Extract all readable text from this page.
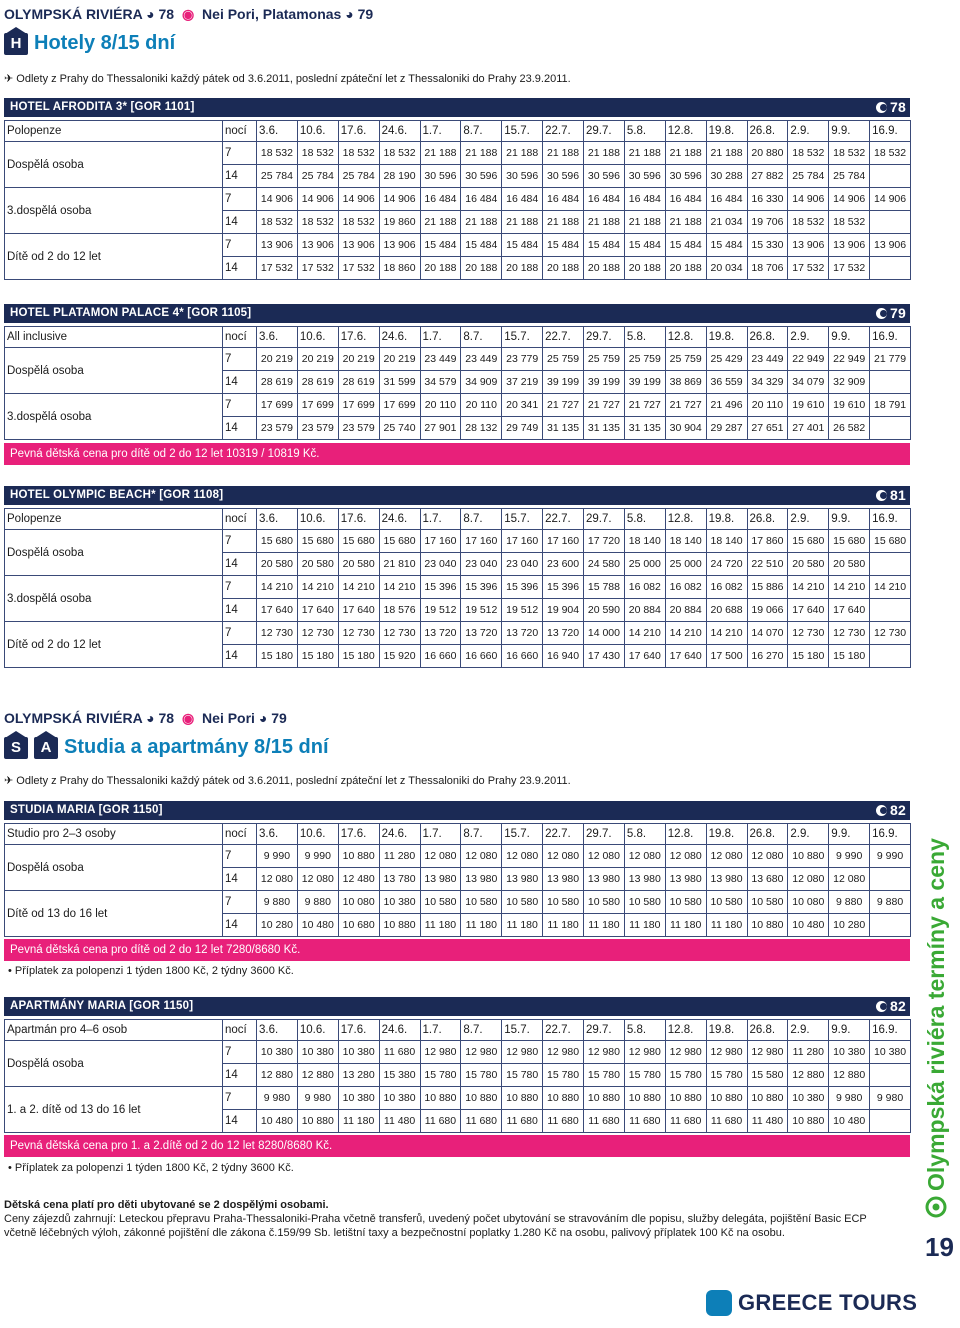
OLYMPSKÁ RIVIÉRA ◕ 78 ◉ Nei Pori, Platamonas ◕ 79
H Hotely 8/15 dní
✈ Odlety z Prahy do Thessaloniki každý pátek od 3.6.2011, poslední zpáteční let z Thessaloniki do Prahy 23.9.2011.
HOTEL AFRODITA 3* [GOR 1101]	78
Polopenze	nocí	3.6.	10.6.	17.6.	24.6.	1.7.	8.7.	15.7.	22.7.	29.7.	5.8.	12.8.	19.8.	26.8.	2.9.	9.9.	16.9.
Dospělá osoba	7	18 532	18 532	18 532	18 532	21 188	21 188	21 188	21 188	21 188	21 188	21 188	21 188	20 880	18 532	18 532	18 532
	14	25 784	25 784	25 784	28 190	30 596	30 596	30 596	30 596	30 596	30 596	30 596	30 288	27 882	25 784	25 784	
3.dospělá osoba	7	14 906	14 906	14 906	14 906	16 484	16 484	16 484	16 484	16 484	16 484	16 484	16 484	16 330	14 906	14 906	14 906
	14	18 532	18 532	18 532	19 860	21 188	21 188	21 188	21 188	21 188	21 188	21 188	21 034	19 706	18 532	18 532	
Dítě od 2 do 12 let	7	13 906	13 906	13 906	13 906	15 484	15 484	15 484	15 484	15 484	15 484	15 484	15 484	15 330	13 906	13 906	13 906
	14	17 532	17 532	17 532	18 860	20 188	20 188	20 188	20 188	20 188	20 188	20 188	20 034	18 706	17 532	17 532	
HOTEL PLATAMON PALACE 4* [GOR 1105]	79
All inclusive	nocí	3.6.	10.6.	17.6.	24.6.	1.7.	8.7.	15.7.	22.7.	29.7.	5.8.	12.8.	19.8.	26.8.	2.9.	9.9.	16.9.
Dospělá osoba	7	20 219	20 219	20 219	20 219	23 449	23 449	23 779	25 759	25 759	25 759	25 759	25 429	23 449	22 949	22 949	21 779
	14	28 619	28 619	28 619	31 599	34 579	34 909	37 219	39 199	39 199	39 199	38 869	36 559	34 329	34 079	32 909	
3.dospělá osoba	7	17 699	17 699	17 699	17 699	20 110	20 110	20 341	21 727	21 727	21 727	21 727	21 496	20 110	19 610	19 610	18 791
	14	23 579	23 579	23 579	25 740	27 901	28 132	29 749	31 135	31 135	31 135	30 904	29 287	27 651	27 401	26 582	
Pevná dětská cena pro dítě od 2 do 12 let 10319 / 10819 Kč.
HOTEL OLYMPIC BEACH* [GOR 1108]	81
Polopenze	nocí	3.6.	10.6.	17.6.	24.6.	1.7.	8.7.	15.7.	22.7.	29.7.	5.8.	12.8.	19.8.	26.8.	2.9.	9.9.	16.9.
Dospělá osoba	7	15 680	15 680	15 680	15 680	17 160	17 160	17 160	17 160	17 720	18 140	18 140	18 140	17 860	15 680	15 680	15 680
	14	20 580	20 580	20 580	21 810	23 040	23 040	23 040	23 600	24 580	25 000	25 000	24 720	22 510	20 580	20 580	
3.dospělá osoba	7	14 210	14 210	14 210	14 210	15 396	15 396	15 396	15 396	15 788	16 082	16 082	16 082	15 886	14 210	14 210	14 210
	14	17 640	17 640	17 640	18 576	19 512	19 512	19 512	19 904	20 590	20 884	20 884	20 688	19 066	17 640	17 640	
Dítě od 2 do 12 let	7	12 730	12 730	12 730	12 730	13 720	13 720	13 720	13 720	14 000	14 210	14 210	14 210	14 070	12 730	12 730	12 730
	14	15 180	15 180	15 180	15 920	16 660	16 660	16 660	16 940	17 430	17 640	17 640	17 500	16 270	15 180	15 180	
OLYMPSKÁ RIVIÉRA ◕ 78 ◉ Nei Pori ◕ 79
S	A Studia a apartmány 8/15 dní
✈ Odlety z Prahy do Thessaloniki každý pátek od 3.6.2011, poslední zpáteční let z Thessaloniki do Prahy 23.9.2011.
STUDIA MARIA [GOR 1150]	82
Studio pro 2–3 osoby	nocí	3.6.	10.6.	17.6.	24.6.	1.7.	8.7.	15.7.	22.7.	29.7.	5.8.	12.8.	19.8.	26.8.	2.9.	9.9.	16.9.
Dospělá osoba	7	9 990	9 990	10 880	11 280	12 080	12 080	12 080	12 080	12 080	12 080	12 080	12 080	12 080	10 880	9 990	9 990
	14	12 080	12 080	12 480	13 780	13 980	13 980	13 980	13 980	13 980	13 980	13 980	13 980	13 680	12 080	12 080	
Dítě od 13 do 16 let	7	9 880	9 880	10 080	10 380	10 580	10 580	10 580	10 580	10 580	10 580	10 580	10 580	10 580	10 080	9 880	9 880
	14	10 280	10 480	10 680	10 880	11 180	11 180	11 180	11 180	11 180	11 180	11 180	11 180	10 880	10 480	10 280	
Pevná dětská cena pro dítě od 2 do 12 let 7280/8680 Kč.
• Příplatek za polopenzi 1 týden 1800 Kč, 2 týdny 3600 Kč.
APARTMÁNY MARIA [GOR 1150]	82
Apartmán pro 4–6 osob	nocí	3.6.	10.6.	17.6.	24.6.	1.7.	8.7.	15.7.	22.7.	29.7.	5.8.	12.8.	19.8.	26.8.	2.9.	9.9.	16.9.
Dospělá osoba	7	10 380	10 380	10 380	11 680	12 980	12 980	12 980	12 980	12 980	12 980	12 980	12 980	12 980	11 280	10 380	10 380
	14	12 880	12 880	13 280	15 380	15 780	15 780	15 780	15 780	15 780	15 780	15 780	15 780	15 580	12 880	12 880	
1. a 2. dítě od 13 do 16 let	7	9 980	9 980	10 380	10 380	10 880	10 880	10 880	10 880	10 880	10 880	10 880	10 880	10 880	10 380	9 980	9 980
	14	10 480	10 880	11 180	11 480	11 680	11 680	11 680	11 680	11 680	11 680	11 680	11 680	11 480	10 880	10 480	
Pevná dětská cena pro 1. a 2.dítě od 2 do 12 let 8280/8680 Kč.
• Příplatek za polopenzi 1 týden 1800 Kč, 2 týdny 3600 Kč.
Dětská cena platí pro děti ubytované se 2 dospělými osobami.
Ceny zájezdů zahrnují: Leteckou přepravu Praha-Thessaloniki-Praha včetně transferů, uvedený počet ubytování se stravováním dle popisu, služby delegáta, pojištění Basic ECP včetně léčebných výloh, zákonné pojištění dle zákona č.159/99 Sb. letištní taxy a bezpečnostní poplatky 1.280 Kč na osobu, palivový příplatek 100 Kč na osobu.
Olympská riviéra termíny a ceny
19
GREECE TOURS
